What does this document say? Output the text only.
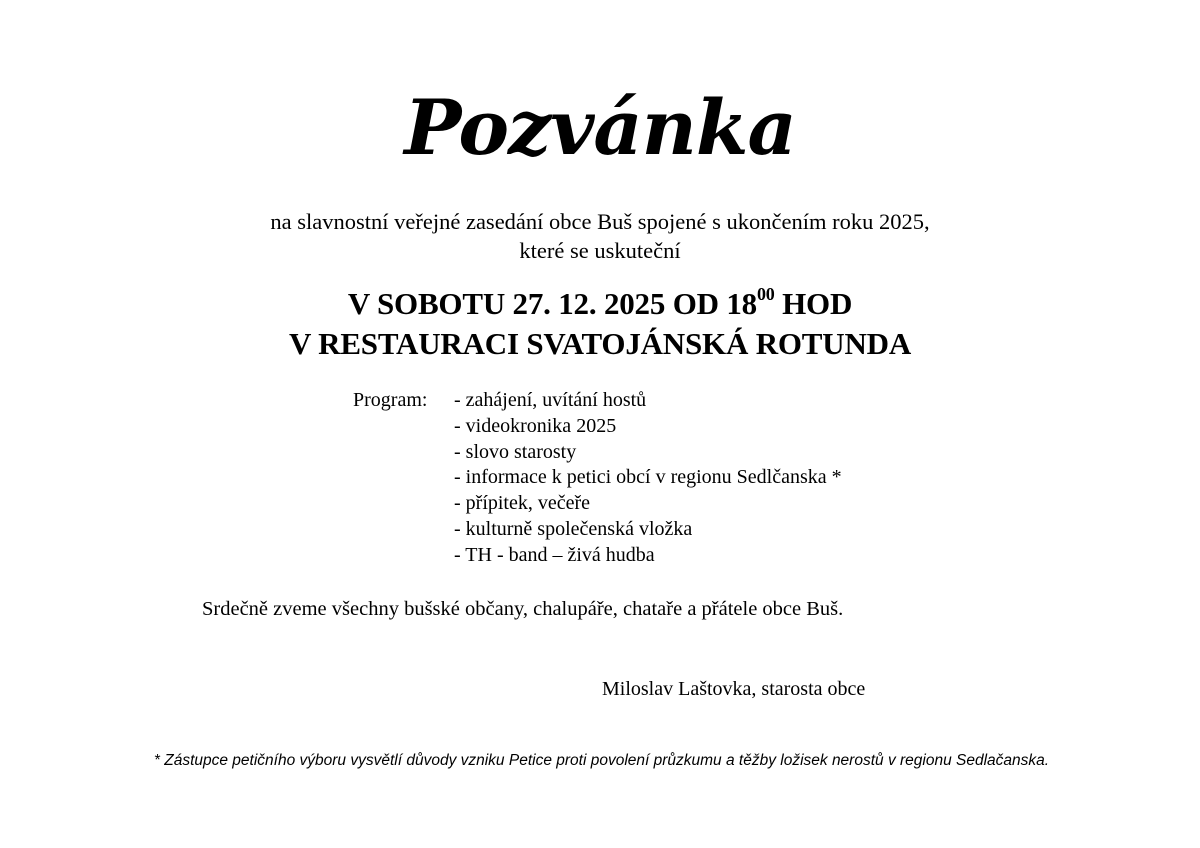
Pozvánka
na slavnostní veřejné zasedání obce Buš spojené s ukončením roku 2025,
které se uskuteční
V SOBOTU 27. 12. 2025 OD $18^{00}$ HOD
V RESTAURACI SVATOJÁNSKÁ ROTUNDA
Program: - zahájení, uvítání hostů
- videokronika 2025
- slovo starosty
- informace k petici obcí v regionu Sedlčanska *
- přípitek, večeře
- kulturně společenská vložka
- TH - band – živá hudba
Srdečně zveme všechny bušské občany, chalupáře, chataře a přátele obce Buš.
Miloslav Laštovka, starosta obce
* Zástupce petičního výboru vysvětlí důvody vzniku Petice proti povolení průzkumu a těžby ložisek nerostů v regionu Sedlačanska.
